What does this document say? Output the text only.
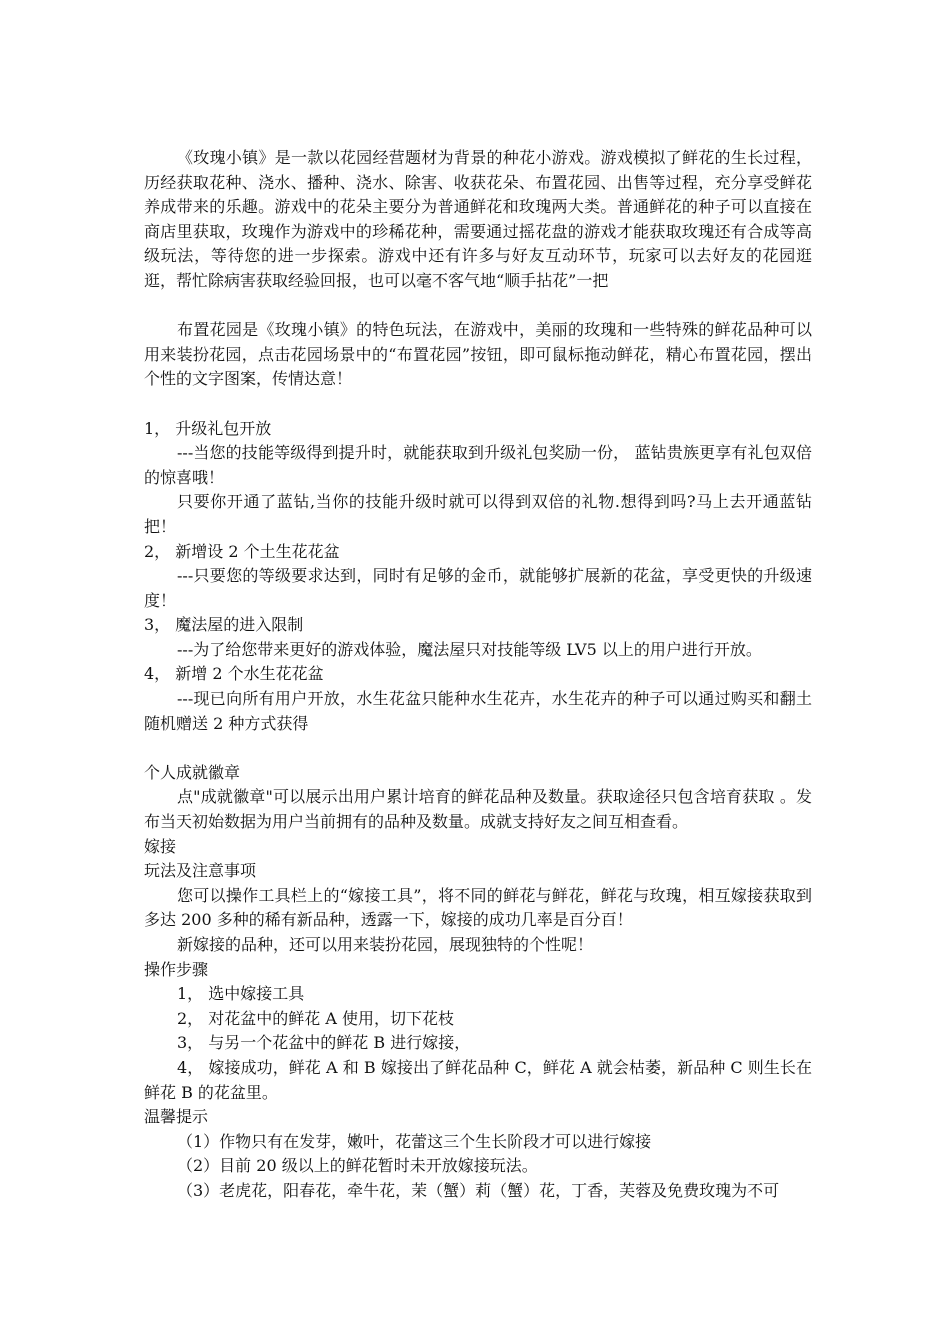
《玫瑰小镇》是一款以花园经营题材为背景的种花小游戏。游戏模拟了鲜花的生长过程，历经获取花种、浇水、播种、浇水、除害、收获花朵、布置花园、出售等过程，充分享受鲜花养成带来的乐趣。游戏中的花朵主要分为普通鲜花和玫瑰两大类。普通鲜花的种子可以直接在商店里获取，玫瑰作为游戏中的珍稀花种，需要通过摇花盘的游戏才能获取玫瑰还有合成等高级玩法，等待您的进一步探索。游戏中还有许多与好友互动环节，玩家可以去好友的花园逛逛，帮忙除病害获取经验回报，也可以毫不客气地“顺手拈花”一把

布置花园是《玫瑰小镇》的特色玩法，在游戏中，美丽的玫瑰和一些特殊的鲜花品种可以用来装扮花园，点击花园场景中的“布置花园”按钮，即可鼠标拖动鲜花，精心布置花园，摆出个性的文字图案，传情达意！

1， 升级礼包开放

---当您的技能等级得到提升时，就能获取到升级礼包奖励一份， 蓝钻贵族更享有礼包双倍的惊喜哦！

只要你开通了蓝钻,当你的技能升级时就可以得到双倍的礼物.想得到吗?马上去开通蓝钻把！

2， 新增设 2 个土生花花盆

---只要您的等级要求达到，同时有足够的金币，就能够扩展新的花盆，享受更快的升级速度！

3， 魔法屋的进入限制

---为了给您带来更好的游戏体验，魔法屋只对技能等级 LV5 以上的用户进行开放。

4， 新增 2 个水生花花盆

---现已向所有用户开放，水生花盆只能种水生花卉，水生花卉的种子可以通过购买和翻土随机赠送 2 种方式获得

个人成就徽章

点"成就徽章"可以展示出用户累计培育的鲜花品种及数量。获取途径只包含培育获取 。发布当天初始数据为用户当前拥有的品种及数量。成就支持好友之间互相查看。

嫁接

玩法及注意事项

您可以操作工具栏上的“嫁接工具”，将不同的鲜花与鲜花，鲜花与玫瑰，相互嫁接获取到多达 200 多种的稀有新品种，透露一下，嫁接的成功几率是百分百！

新嫁接的品种，还可以用来装扮花园，展现独特的个性呢！

操作步骤

1， 选中嫁接工具

2， 对花盆中的鲜花 A 使用，切下花枝

3， 与另一个花盆中的鲜花 B 进行嫁接，

4， 嫁接成功，鲜花 A 和 B 嫁接出了鲜花品种 C，鲜花 A 就会枯萎，新品种 C 则生长在鲜花 B 的花盆里。

温馨提示

（1）作物只有在发芽，嫩叶，花蕾这三个生长阶段才可以进行嫁接

（2）目前 20 级以上的鲜花暂时未开放嫁接玩法。

（3）老虎花，阳春花，牵牛花，茉（蟹）莉（蟹）花，丁香，芙蓉及免费玫瑰为不可
